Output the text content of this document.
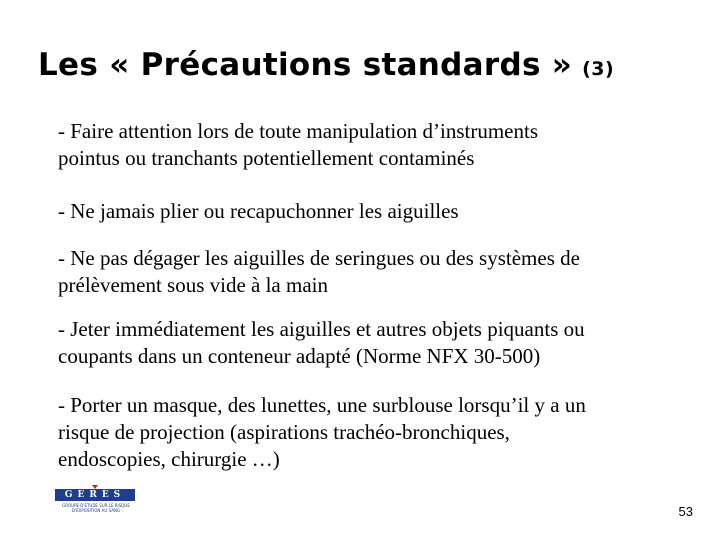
Les « Précautions standards » (3)
- Faire attention lors de toute manipulation d’instruments
pointus ou tranchants potentiellement contaminés
- Ne jamais plier ou recapuchonner les aiguilles
- Ne pas dégager les aiguilles de seringues ou des systèmes de
prélèvement sous vide à la main
- Jeter immédiatement les aiguilles et autres objets piquants ou
coupants dans un conteneur adapté (Norme NFX 30-500)
- Porter un masque, des lunettes, une surblouse lorsqu’il y a un
risque de projection (aspirations trachéo-bronchiques,
endoscopies, chirurgie …)
GERES
GROUPE D'ETUDE SUR LE RISQUE
D'EXPOSITION AU SANG	53
